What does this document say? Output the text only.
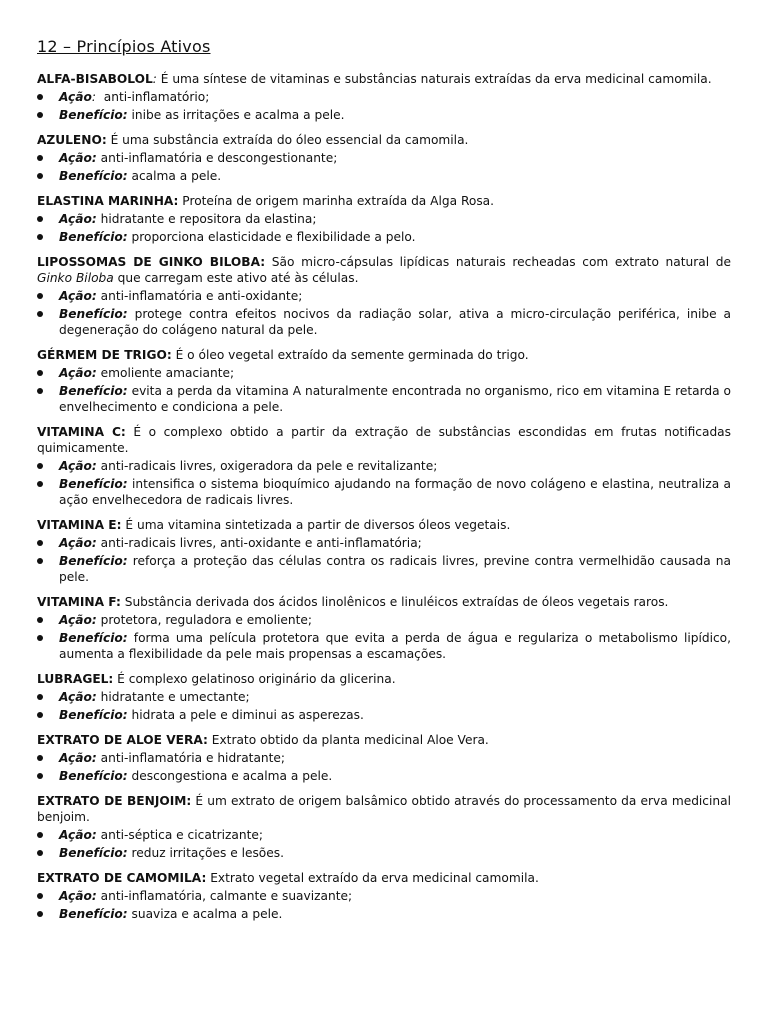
12 – Princípios Ativos
ALFA-BISABOLOL: É uma síntese de vitaminas e substâncias naturais extraídas da erva medicinal camomila.
Ação:  anti-inflamatório;
Benefício: inibe as irritações e acalma a pele.
AZULENO: É uma substância extraída do óleo essencial da camomila.
Ação: anti-inflamatória e descongestionante;
Benefício: acalma a pele.
ELASTINA MARINHA: Proteína de origem marinha extraída da Alga Rosa.
Ação: hidratante e repositora da elastina;
Benefício: proporciona elasticidade e flexibilidade a pelo.
LIPOSSOMAS DE GINKO BILOBA: São micro-cápsulas lipídicas naturais recheadas com extrato natural de Ginko Biloba que carregam este ativo até às células.
Ação: anti-inflamatória e anti-oxidante;
Benefício: protege contra efeitos nocivos da radiação solar, ativa a micro-circulação periférica, inibe a degeneração do colágeno natural da pele.
GÉRMEM DE TRIGO: É o óleo vegetal extraído da semente germinada do trigo.
Ação: emoliente amaciante;
Benefício: evita a perda da vitamina A naturalmente encontrada no organismo, rico em vitamina E retarda o envelhecimento e condiciona a pele.
VITAMINA C: É o complexo obtido a partir da extração de substâncias escondidas em frutas notificadas quimicamente.
Ação: anti-radicais livres, oxigeradora da pele e revitalizante;
Benefício: intensifica o sistema bioquímico ajudando na formação de novo colágeno e elastina, neutraliza a ação envelhecedora de radicais livres.
VITAMINA E: É uma vitamina sintetizada a partir de diversos óleos vegetais.
Ação: anti-radicais livres, anti-oxidante e anti-inflamatória;
Benefício: reforça a proteção das células contra os radicais livres, previne contra vermelhidão causada na pele.
VITAMINA F: Substância derivada dos ácidos linolênicos e linuléicos extraídas de óleos vegetais raros.
Ação: protetora, reguladora e emoliente;
Benefício: forma uma película protetora que evita a perda de água e regulariza o metabolismo lipídico, aumenta a flexibilidade da pele mais propensas a escamações.
LUBRAGEL: É complexo gelatinoso originário da glicerina.
Ação: hidratante e umectante;
Benefício: hidrata a pele e diminui as asperezas.
EXTRATO DE ALOE VERA: Extrato obtido da planta medicinal Aloe Vera.
Ação: anti-inflamatória e hidratante;
Benefício: descongestiona e acalma a pele.
EXTRATO DE BENJOIM: É um extrato de origem balsâmico obtido através do processamento da erva medicinal benjoim.
Ação: anti-séptica e cicatrizante;
Benefício: reduz irritações e lesões.
EXTRATO DE CAMOMILA: Extrato vegetal extraído da erva medicinal camomila.
Ação: anti-inflamatória, calmante e suavizante;
Benefício: suaviza e acalma a pele.
